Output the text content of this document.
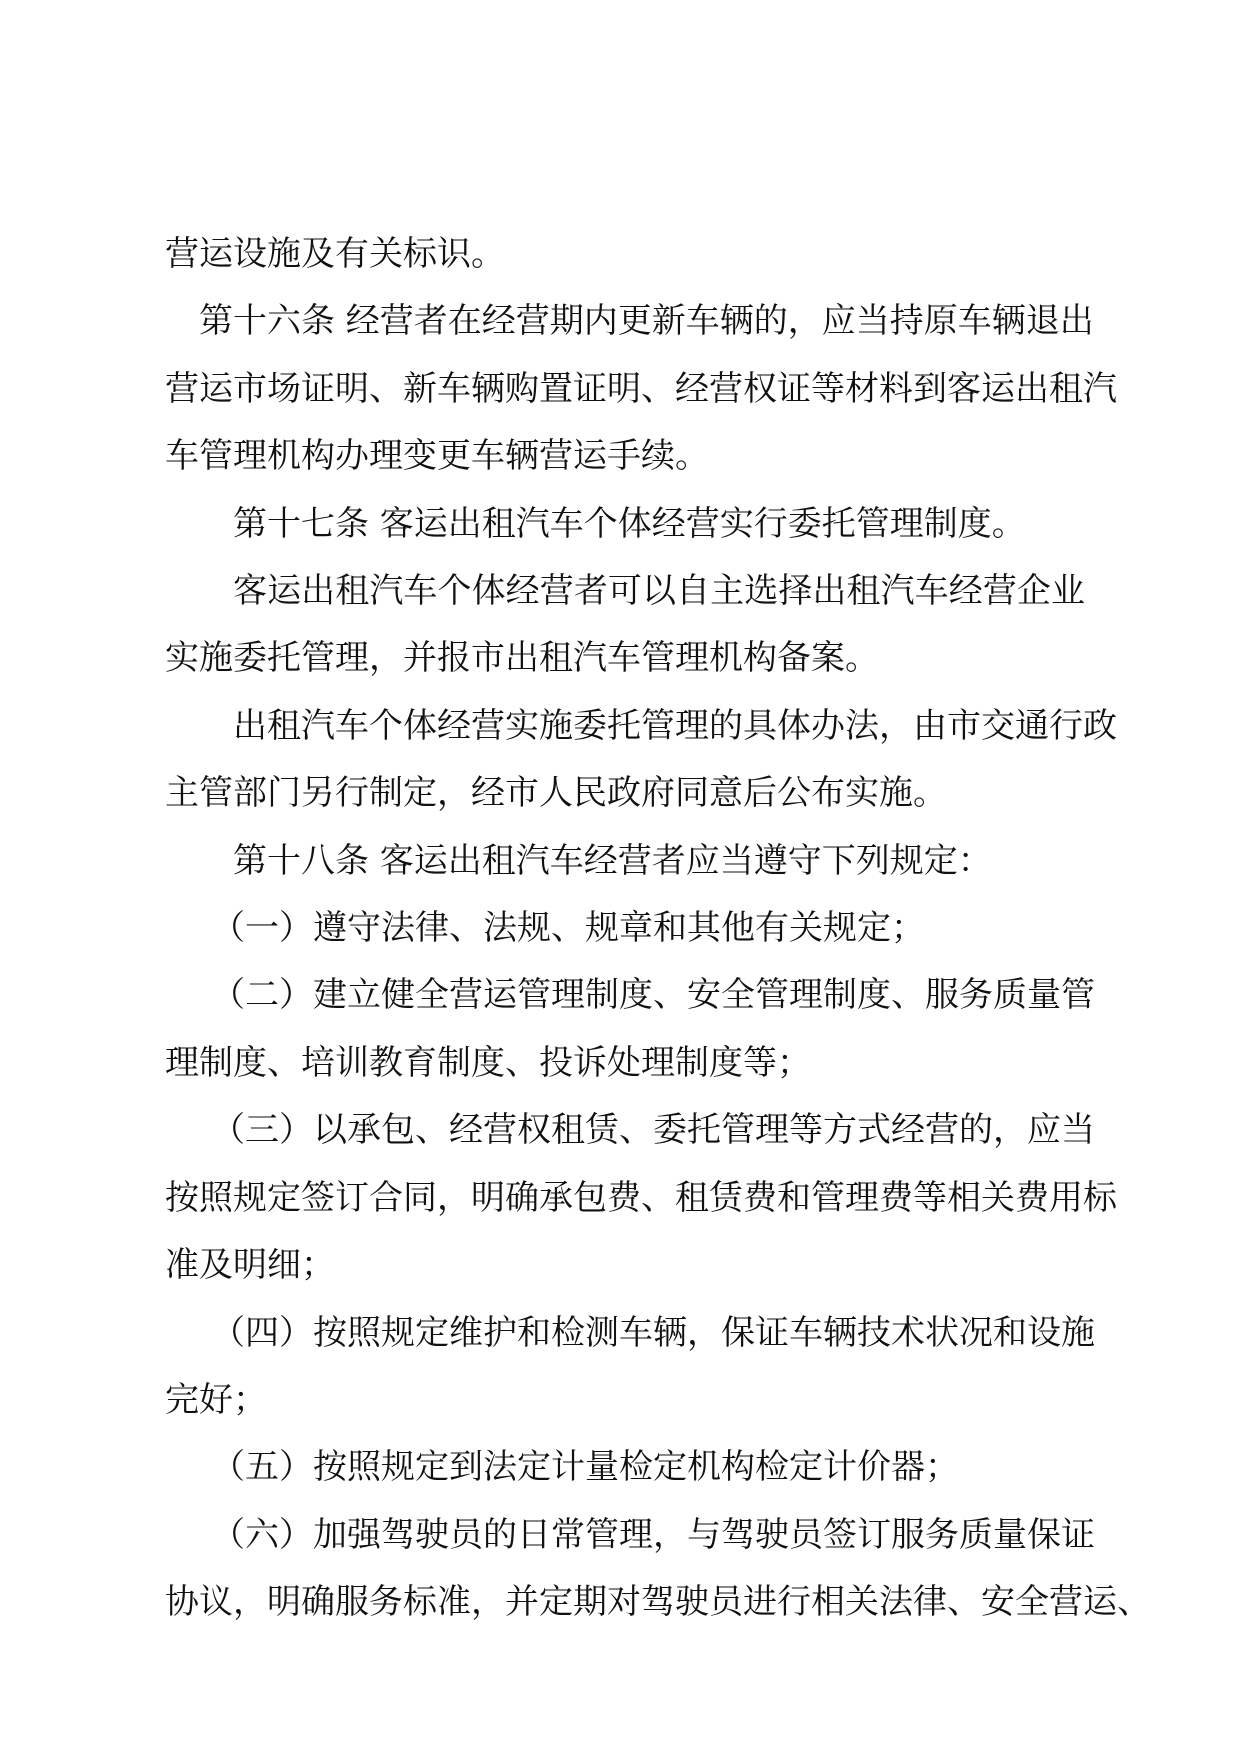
营运设施及有关标识。

第十六条 经营者在经营期内更新车辆的，应当持原车辆退出
营运市场证明、新车辆购置证明、经营权证等材料到客运出租汽
车管理机构办理变更车辆营运手续。

第十七条 客运出租汽车个体经营实行委托管理制度。

客运出租汽车个体经营者可以自主选择出租汽车经营企业
实施委托管理，并报市出租汽车管理机构备案。

出租汽车个体经营实施委托管理的具体办法，由市交通行政
主管部门另行制定，经市人民政府同意后公布实施。

第十八条 客运出租汽车经营者应当遵守下列规定：

（一）遵守法律、法规、规章和其他有关规定；

（二）建立健全营运管理制度、安全管理制度、服务质量管
理制度、培训教育制度、投诉处理制度等；

（三）以承包、经营权租赁、委托管理等方式经营的，应当
按照规定签订合同，明确承包费、租赁费和管理费等相关费用标
准及明细；

（四）按照规定维护和检测车辆，保证车辆技术状况和设施
完好；

（五）按照规定到法定计量检定机构检定计价器；

（六）加强驾驶员的日常管理，与驾驶员签订服务质量保证
协议，明确服务标准，并定期对驾驶员进行相关法律、安全营运、
